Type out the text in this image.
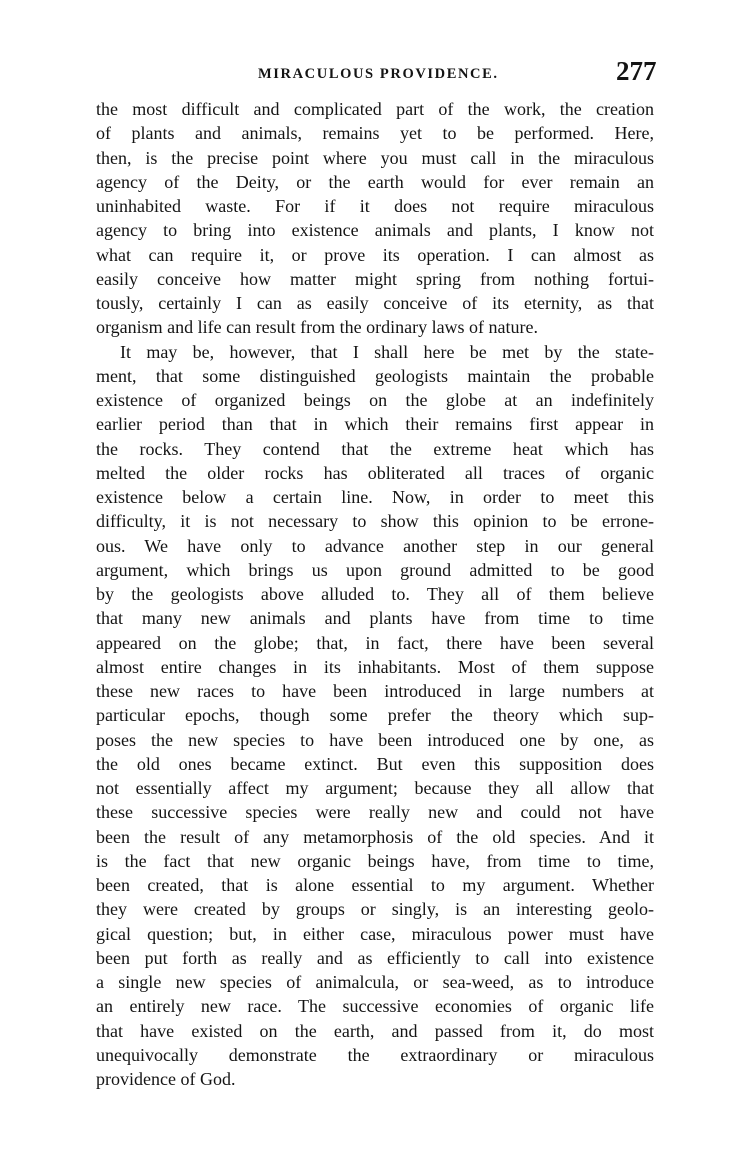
MIRACULOUS PROVIDENCE.	277
the most difficult and complicated part of the work, the creation
of plants and animals, remains yet to be performed. Here,
then, is the precise point where you must call in the miraculous
agency of the Deity, or the earth would for ever remain an
uninhabited waste. For if it does not require miraculous
agency to bring into existence animals and plants, I know not
what can require it, or prove its operation. I can almost as
easily conceive how matter might spring from nothing fortui-
tously, certainly I can as easily conceive of its eternity, as that
organism and life can result from the ordinary laws of nature.
It may be, however, that I shall here be met by the state-
ment, that some distinguished geologists maintain the probable
existence of organized beings on the globe at an indefinitely
earlier period than that in which their remains first appear in
the rocks. They contend that the extreme heat which has
melted the older rocks has obliterated all traces of organic
existence below a certain line. Now, in order to meet this
difficulty, it is not necessary to show this opinion to be errone-
ous. We have only to advance another step in our general
argument, which brings us upon ground admitted to be good
by the geologists above alluded to. They all of them believe
that many new animals and plants have from time to time
appeared on the globe; that, in fact, there have been several
almost entire changes in its inhabitants. Most of them suppose
these new races to have been introduced in large numbers at
particular epochs, though some prefer the theory which sup-
poses the new species to have been introduced one by one, as
the old ones became extinct. But even this supposition does
not essentially affect my argument; because they all allow that
these successive species were really new and could not have
been the result of any metamorphosis of the old species. And it
is the fact that new organic beings have, from time to time,
been created, that is alone essential to my argument. Whether
they were created by groups or singly, is an interesting geolo-
gical question; but, in either case, miraculous power must have
been put forth as really and as efficiently to call into existence
a single new species of animalcula, or sea-weed, as to introduce
an entirely new race. The successive economies of organic life
that have existed on the earth, and passed from it, do most
unequivocally demonstrate the extraordinary or miraculous
providence of God.
